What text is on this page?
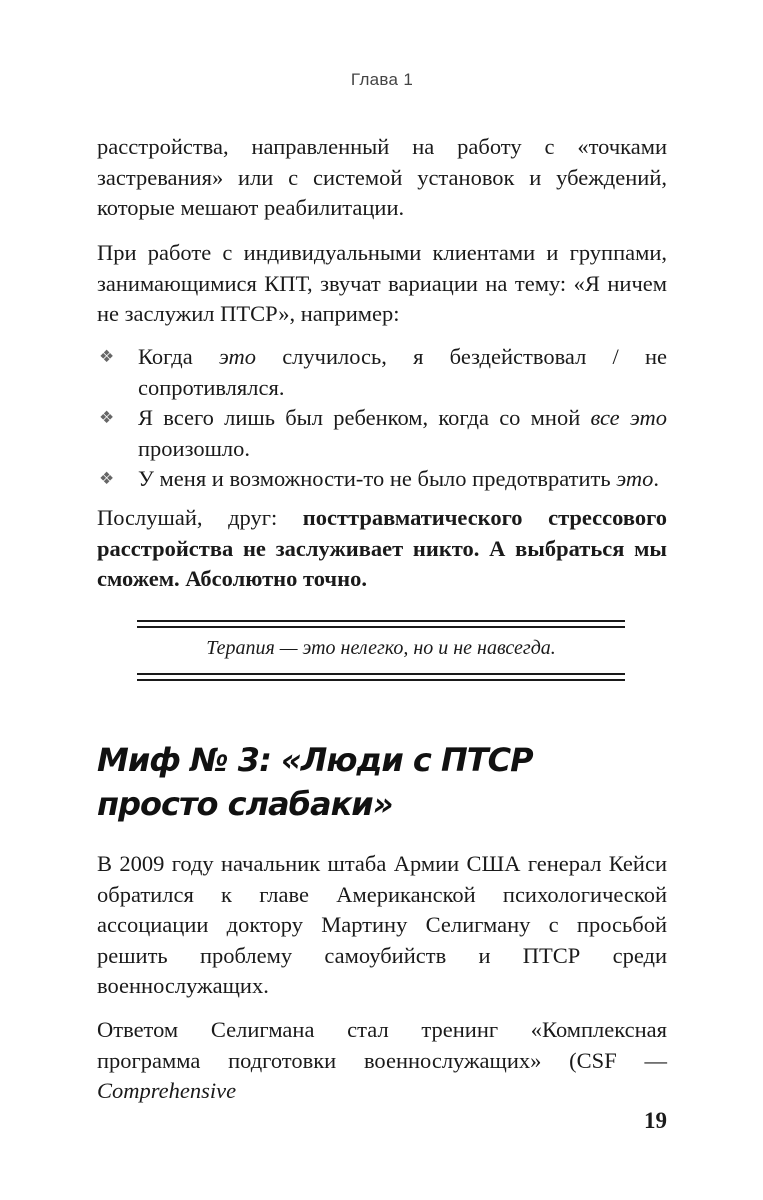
Глава 1

расстройства, направленный на работу с «точками застревания» или с системой установок и убеждений, которые мешают реабилитации.

При работе с индивидуальными клиентами и группами, занимающимися КПТ, звучат вариации на тему: «Я ничем не заслужил ПТСР», например:

❖ Когда это случилось, я бездействовал / не сопротивлялся.
❖ Я всего лишь был ребенком, когда со мной все это произошло.
❖ У меня и возможности-то не было предотвратить это.

Послушай, друг: посттравматического стрессового расстройства не заслуживает никто. А выбраться мы сможем. Абсолютно точно.

Терапия — это нелегко, но и не навсегда.
Миф № 3: «Люди с ПТСР
просто слабаки»

В 2009 году начальник штаба Армии США генерал Кейси обратился к главе Американской психологической ассоциации доктору Мартину Селигману с просьбой решить проблему самоубийств и ПТСР среди военнослужащих.

Ответом Селигмана стал тренинг «Комплексная программа подготовки военнослужащих» (CSF — Comprehensive

19
